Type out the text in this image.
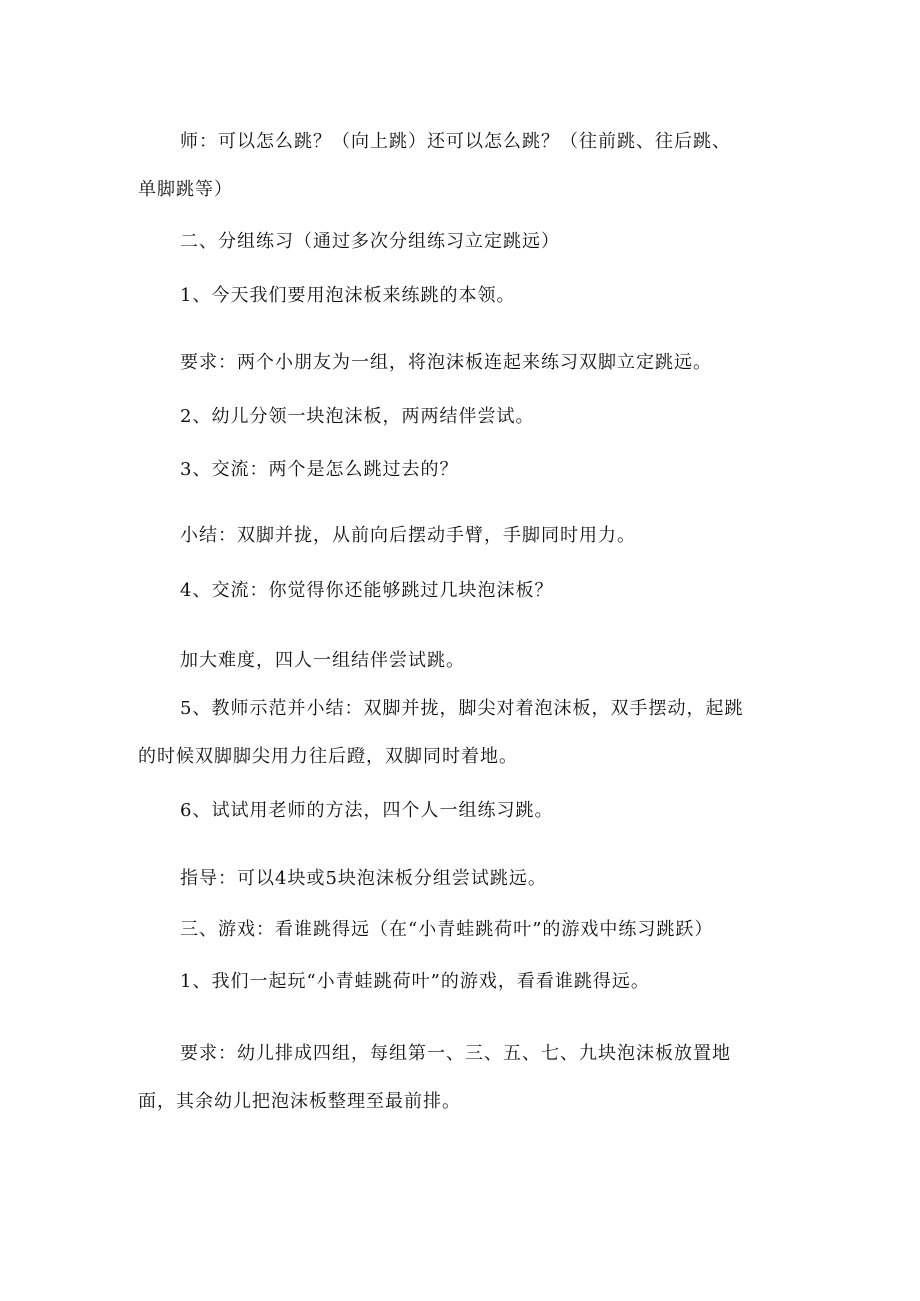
师：可以怎么跳？（向上跳）还可以怎么跳？（往前跳、往后跳、
单脚跳等）
二、分组练习（通过多次分组练习立定跳远）
1、今天我们要用泡沫板来练跳的本领。
要求：两个小朋友为一组，将泡沫板连起来练习双脚立定跳远。
2、幼儿分领一块泡沫板，两两结伴尝试。
3、交流：两个是怎么跳过去的？
小结：双脚并拢，从前向后摆动手臂，手脚同时用力。
4、交流：你觉得你还能够跳过几块泡沫板？
加大难度，四人一组结伴尝试跳。
5、教师示范并小结：双脚并拢，脚尖对着泡沫板，双手摆动，起跳
的时候双脚脚尖用力往后蹬，双脚同时着地。
6、试试用老师的方法，四个人一组练习跳。
指导：可以4块或5块泡沫板分组尝试跳远。
三、游戏：看谁跳得远（在“小青蛙跳荷叶”的游戏中练习跳跃）
1、我们一起玩“小青蛙跳荷叶”的游戏，看看谁跳得远。
要求：幼儿排成四组，每组第一、三、五、七、九块泡沫板放置地
面，其余幼儿把泡沫板整理至最前排。
